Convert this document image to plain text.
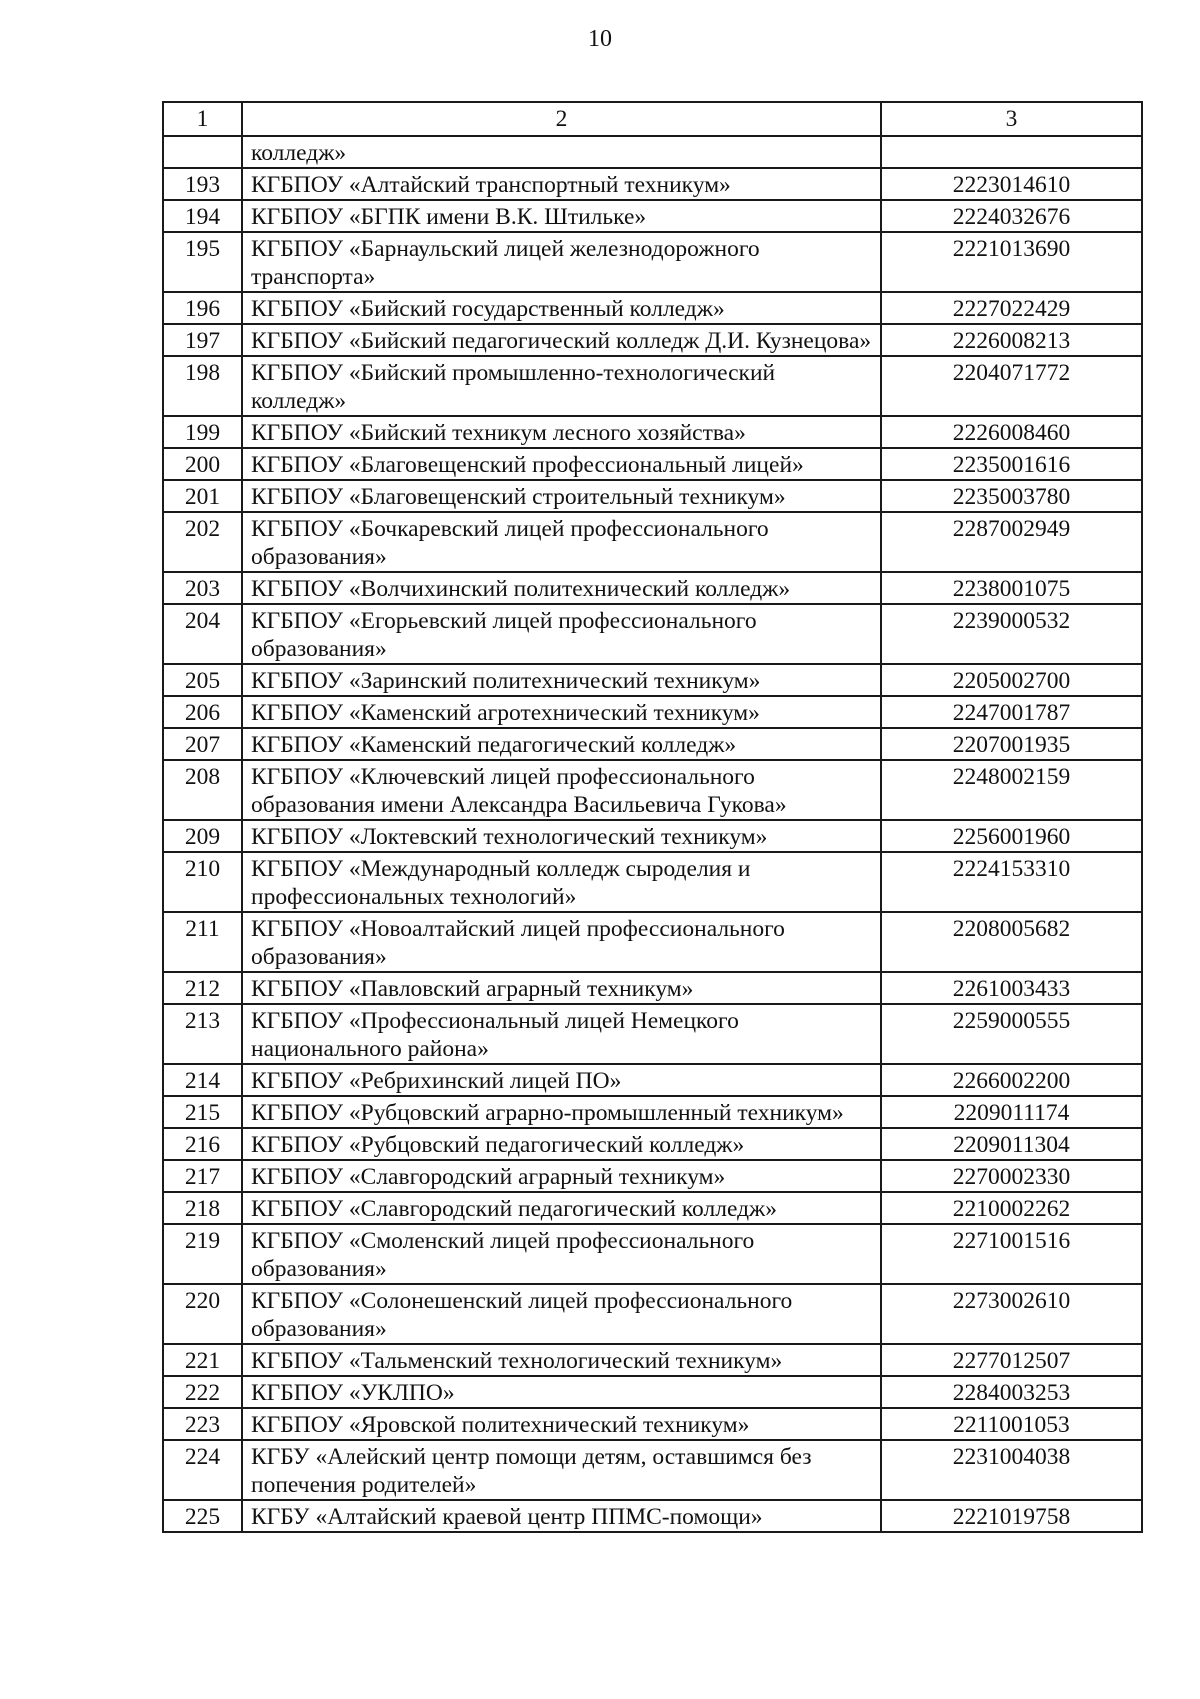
10
1	2	3
	колледж»	
193	КГБПОУ «Алтайский транспортный техникум»	2223014610
194	КГБПОУ «БГПК имени В.К. Штильке»	2224032676
195	КГБПОУ «Барнаульский лицей железнодорожного транспорта»	2221013690
196	КГБПОУ «Бийский государственный колледж»	2227022429
197	КГБПОУ «Бийский педагогический колледж Д.И. Кузнецова»	2226008213
198	КГБПОУ «Бийский промышленно-технологический колледж»	2204071772
199	КГБПОУ «Бийский техникум лесного хозяйства»	2226008460
200	КГБПОУ «Благовещенский профессиональный лицей»	2235001616
201	КГБПОУ «Благовещенский строительный техникум»	2235003780
202	КГБПОУ «Бочкаревский лицей профессионального образования»	2287002949
203	КГБПОУ «Волчихинский политехнический колледж»	2238001075
204	КГБПОУ «Егорьевский лицей профессионального образования»	2239000532
205	КГБПОУ «Заринский политехнический техникум»	2205002700
206	КГБПОУ «Каменский агротехнический техникум»	2247001787
207	КГБПОУ «Каменский педагогический колледж»	2207001935
208	КГБПОУ «Ключевский лицей профессионального образования имени Александра Васильевича Гукова»	2248002159
209	КГБПОУ «Локтевский технологический техникум»	2256001960
210	КГБПОУ «Международный колледж сыроделия и профессиональных технологий»	2224153310
211	КГБПОУ «Новоалтайский лицей профессионального образования»	2208005682
212	КГБПОУ «Павловский аграрный техникум»	2261003433
213	КГБПОУ «Профессиональный лицей Немецкого национального района»	2259000555
214	КГБПОУ «Ребрихинский лицей ПО»	2266002200
215	КГБПОУ «Рубцовский аграрно-промышленный техникум»	2209011174
216	КГБПОУ «Рубцовский педагогический колледж»	2209011304
217	КГБПОУ «Славгородский аграрный техникум»	2270002330
218	КГБПОУ «Славгородский педагогический колледж»	2210002262
219	КГБПОУ «Смоленский лицей профессионального образования»	2271001516
220	КГБПОУ «Солонешенский лицей профессионального образования»	2273002610
221	КГБПОУ «Тальменский технологический техникум»	2277012507
222	КГБПОУ «УКЛПО»	2284003253
223	КГБПОУ «Яровской политехнический техникум»	2211001053
224	КГБУ «Алейский центр помощи детям, оставшимся без попечения родителей»	2231004038
225	КГБУ «Алтайский краевой центр ППМС-помощи»	2221019758
